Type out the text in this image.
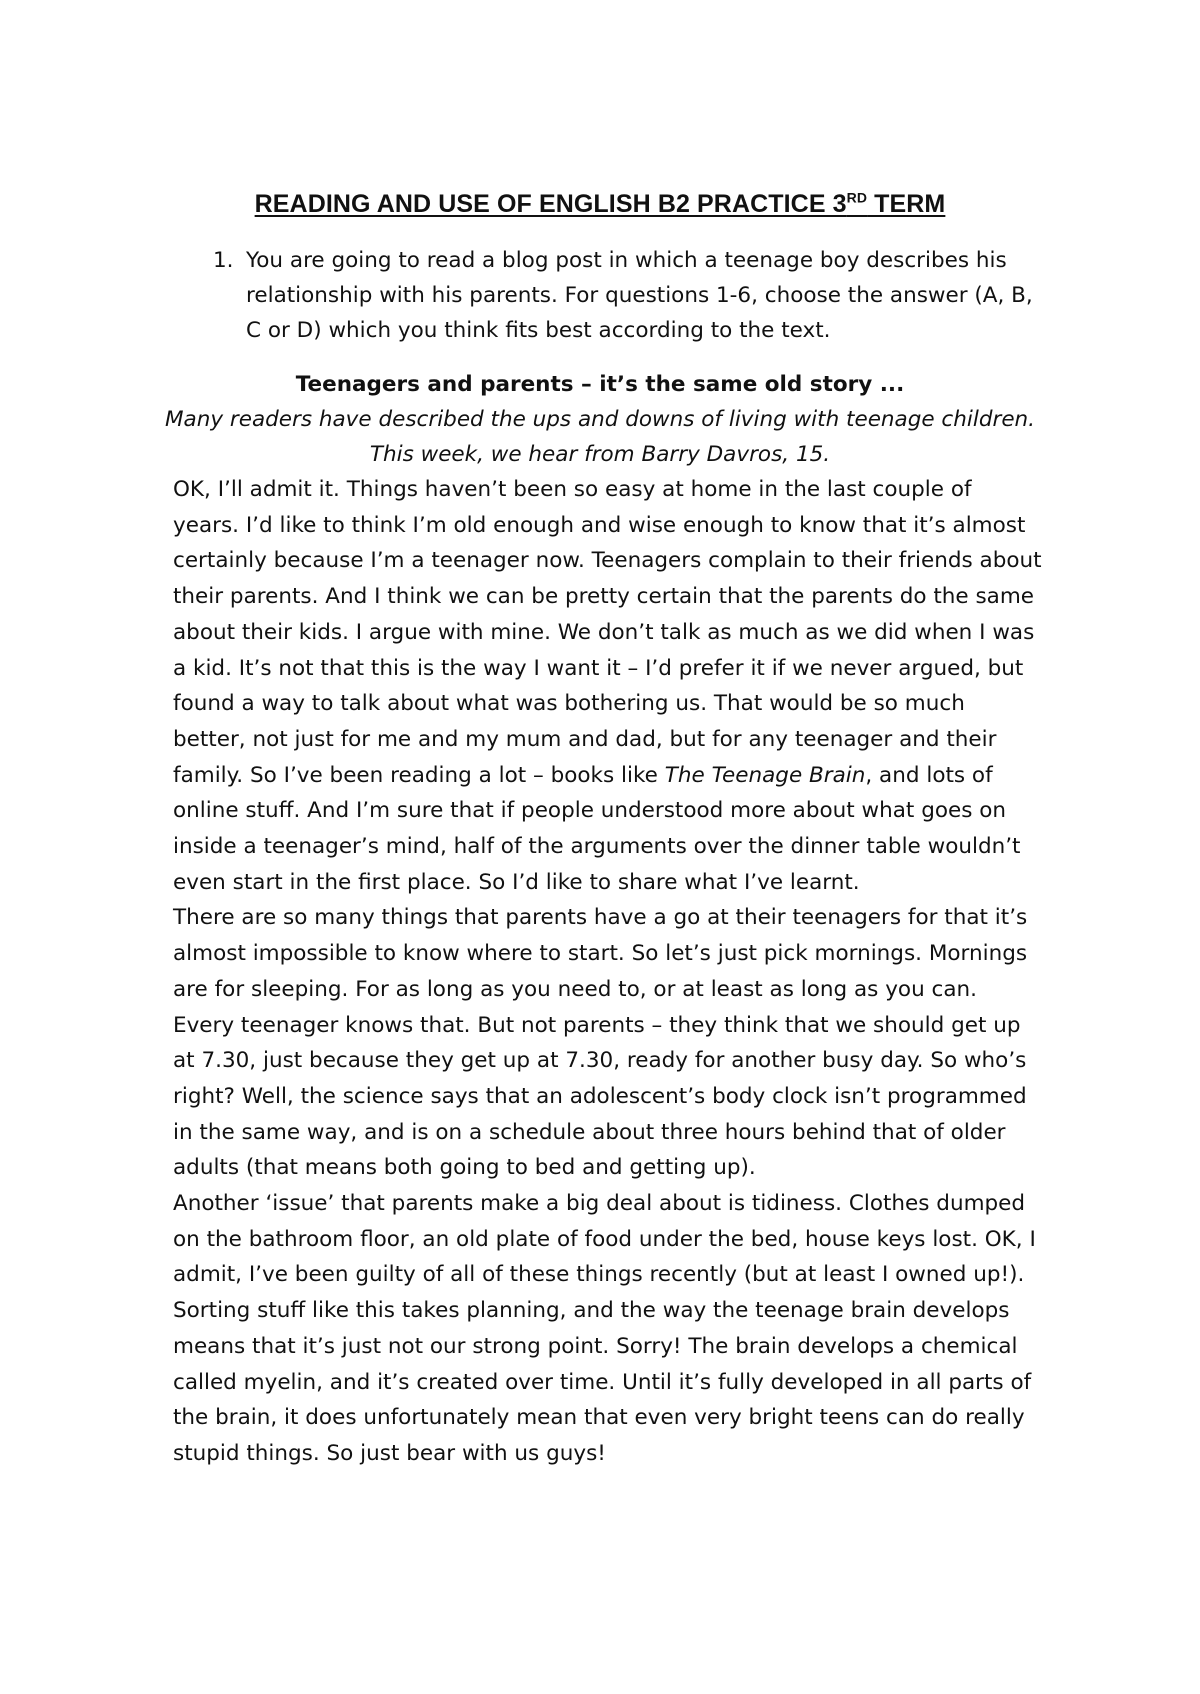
READING AND USE OF ENGLISH B2 PRACTICE 3RD TERM
1. You are going to read a blog post in which a teenage boy describes his relationship with his parents. For questions 1-6, choose the answer (A, B, C or D) which you think fits best according to the text.
Teenagers and parents – it’s the same old story ...
Many readers have described the ups and downs of living with teenage children. This week, we hear from Barry Davros, 15.

OK, I’ll admit it. Things haven’t been so easy at home in the last couple of years. I’d like to think I’m old enough and wise enough to know that it’s almost certainly because I’m a teenager now. Teenagers complain to their friends about their parents. And I think we can be pretty certain that the parents do the same about their kids. I argue with mine. We don’t talk as much as we did when I was a kid. It’s not that this is the way I want it – I’d prefer it if we never argued, but found a way to talk about what was bothering us. That would be so much better, not just for me and my mum and dad, but for any teenager and their family. So I’ve been reading a lot – books like The Teenage Brain, and lots of online stuff. And I’m sure that if people understood more about what goes on inside a teenager’s mind, half of the arguments over the dinner table wouldn’t even start in the first place. So I’d like to share what I’ve learnt.

There are so many things that parents have a go at their teenagers for that it’s almost impossible to know where to start. So let’s just pick mornings. Mornings are for sleeping. For as long as you need to, or at least as long as you can. Every teenager knows that. But not parents – they think that we should get up at 7.30, just because they get up at 7.30, ready for another busy day. So who’s right? Well, the science says that an adolescent’s body clock isn’t programmed in the same way, and is on a schedule about three hours behind that of older adults (that means both going to bed and getting up).

Another ‘issue’ that parents make a big deal about is tidiness. Clothes dumped on the bathroom floor, an old plate of food under the bed, house keys lost. OK, I admit, I’ve been guilty of all of these things recently (but at least I owned up!). Sorting stuff like this takes planning, and the way the teenage brain develops means that it’s just not our strong point. Sorry! The brain develops a chemical called myelin, and it’s created over time. Until it’s fully developed in all parts of the brain, it does unfortunately mean that even very bright teens can do really stupid things. So just bear with us guys!
